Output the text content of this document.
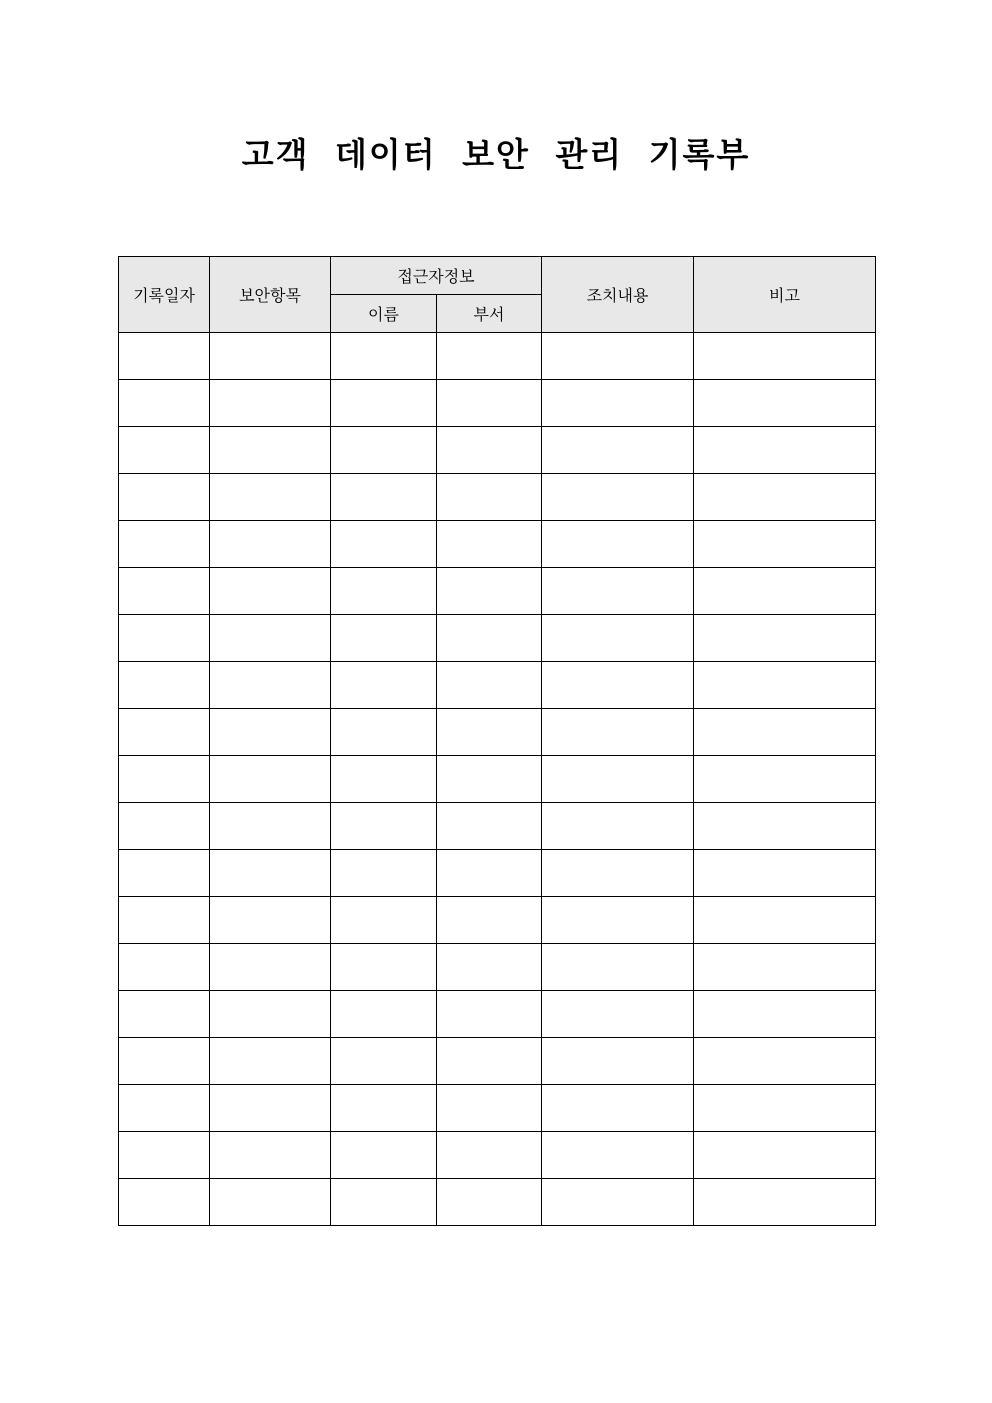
고객 데이터 보안 관리 기록부
기록일자	보안항목	접근자정보		조치내용	비고
		이름	부서		
